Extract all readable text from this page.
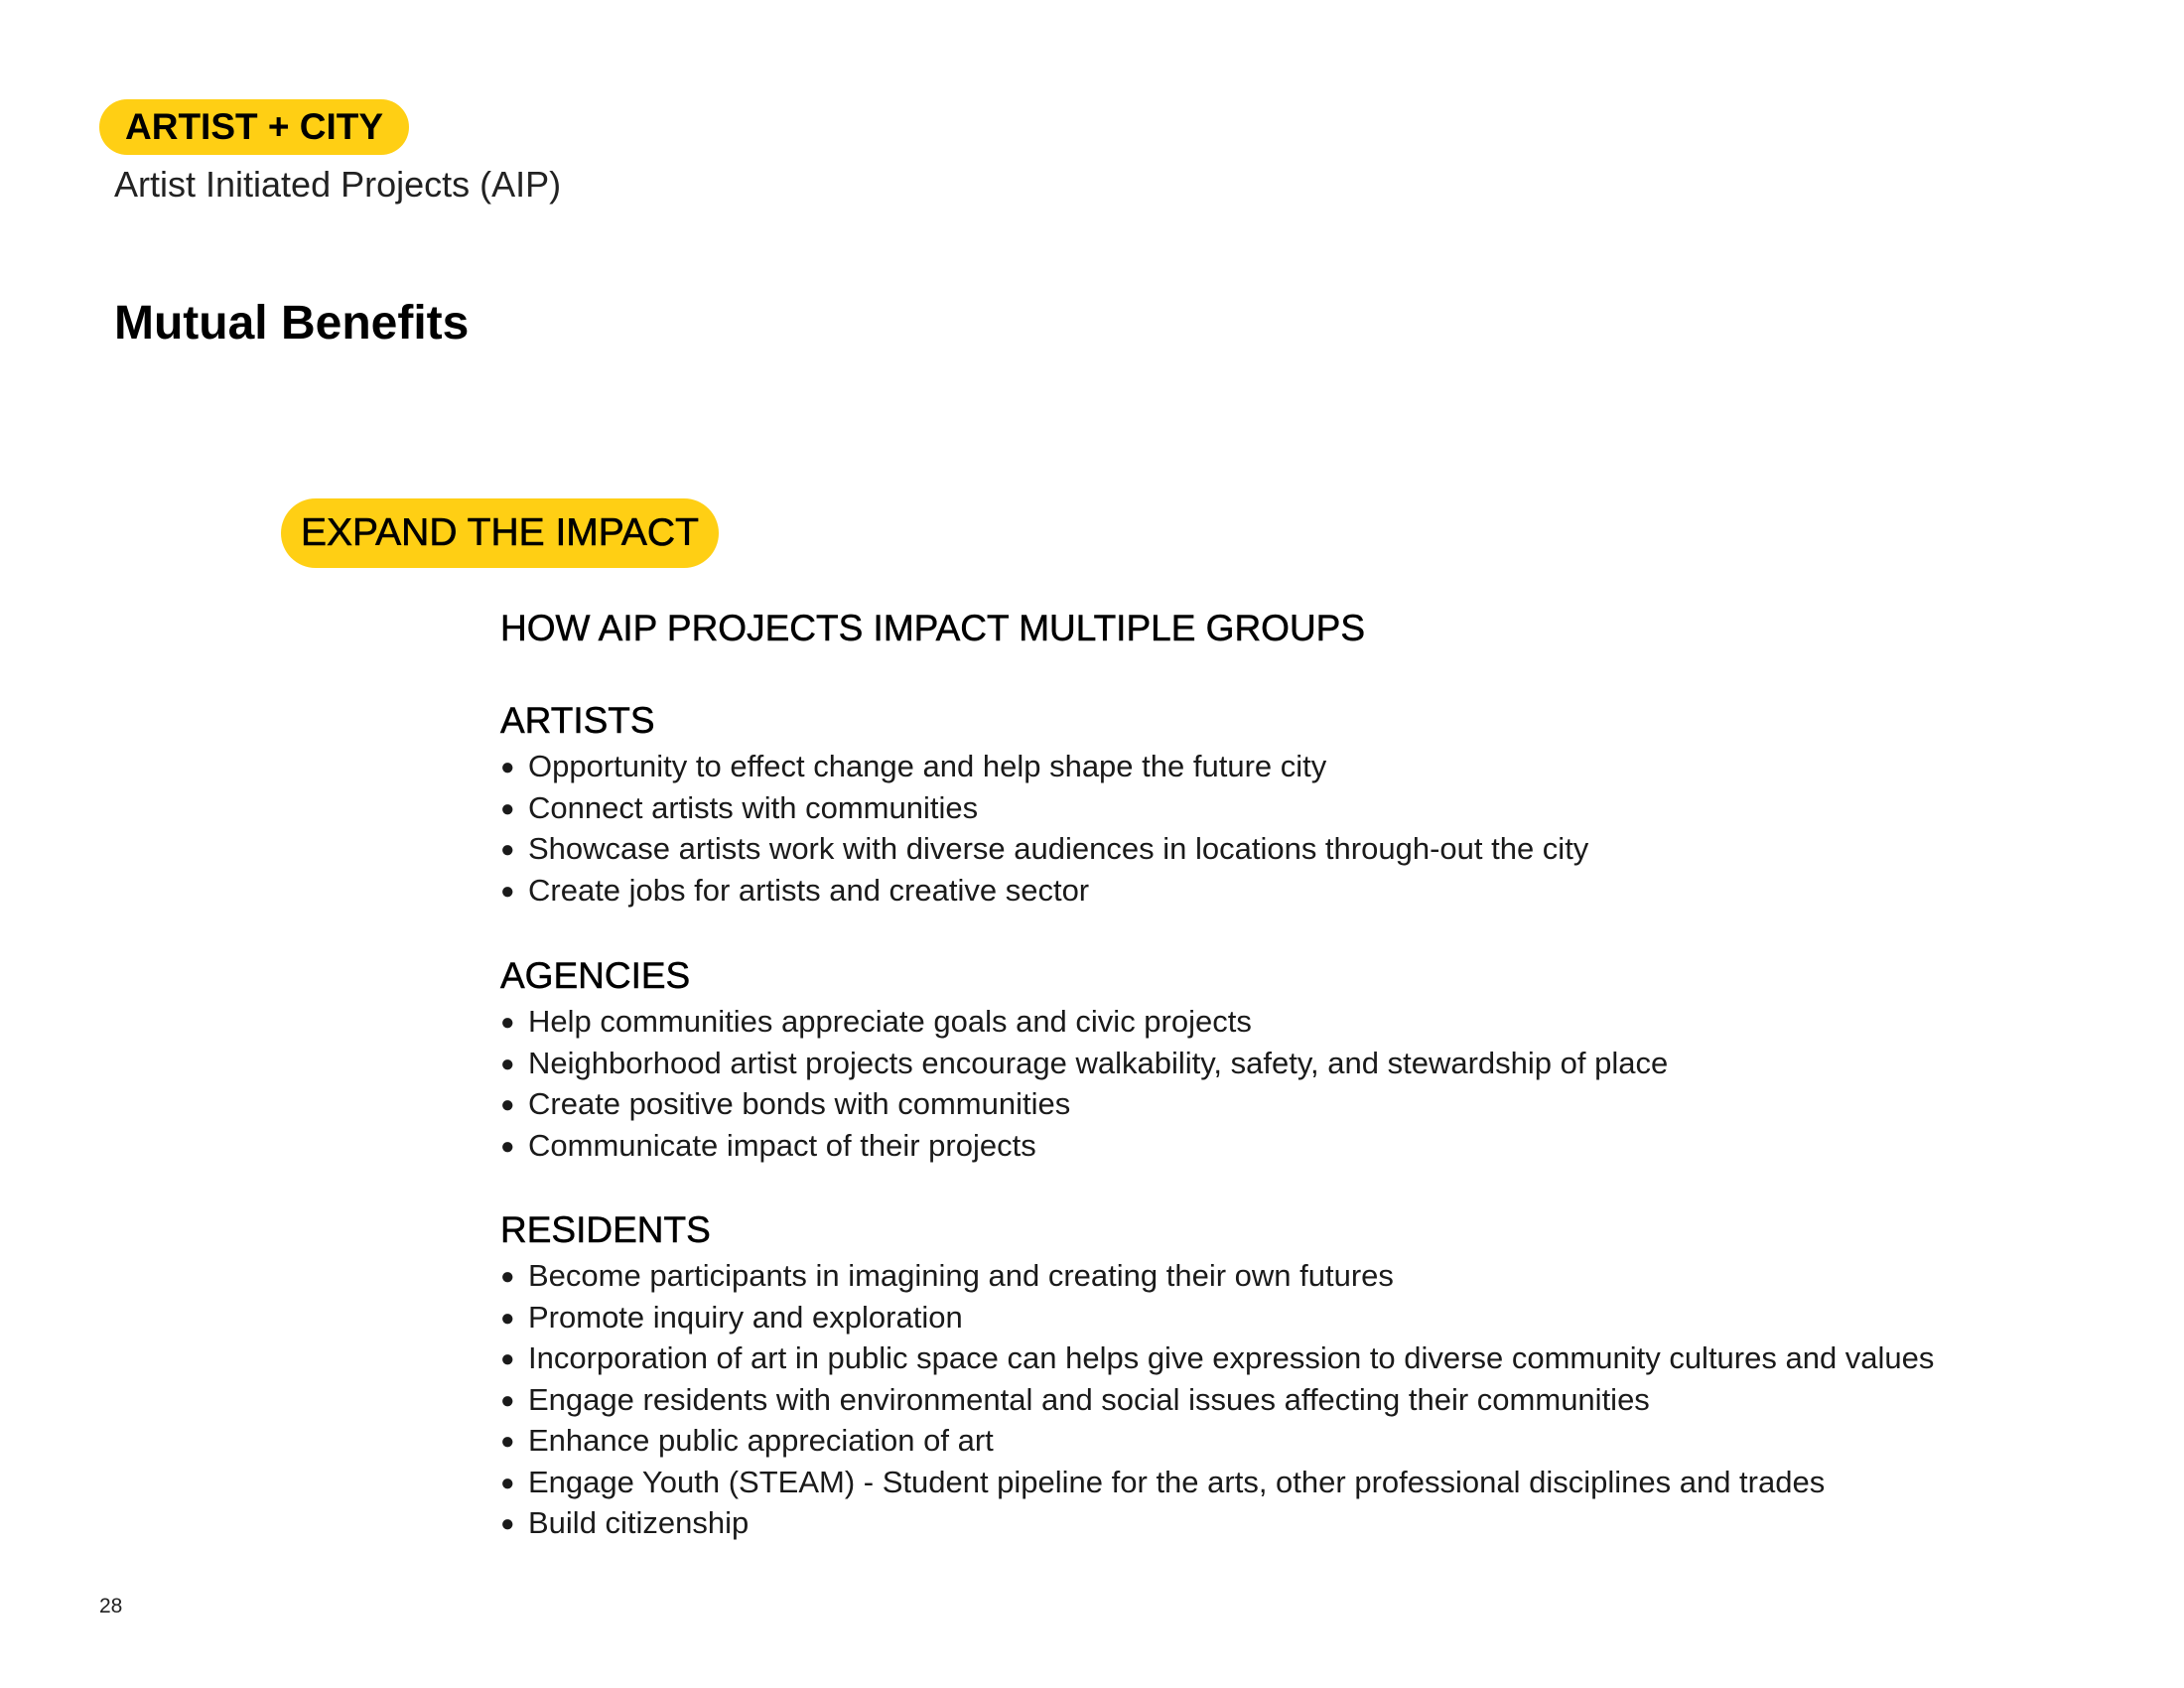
ARTIST + CITY
Artist Initiated Projects (AIP)
Mutual Benefits
EXPAND THE IMPACT
HOW AIP PROJECTS IMPACT MULTIPLE GROUPS
ARTISTS
● Opportunity to effect change and help shape the future city
● Connect artists with communities
● Showcase artists work with diverse audiences in locations through-out the city
● Create jobs for artists and creative sector
AGENCIES
● Help communities appreciate goals and civic projects
● Neighborhood artist projects encourage walkability, safety, and stewardship of place
● Create positive bonds with communities
● Communicate impact of their projects
RESIDENTS
● Become participants in imagining and creating their own futures
● Promote inquiry and exploration
● Incorporation of art in public space can helps give expression to diverse community cultures and values
● Engage residents with environmental and social issues affecting their communities
● Enhance public appreciation of art
● Engage Youth (STEAM) - Student pipeline for the arts, other professional disciplines and trades
● Build citizenship
28
